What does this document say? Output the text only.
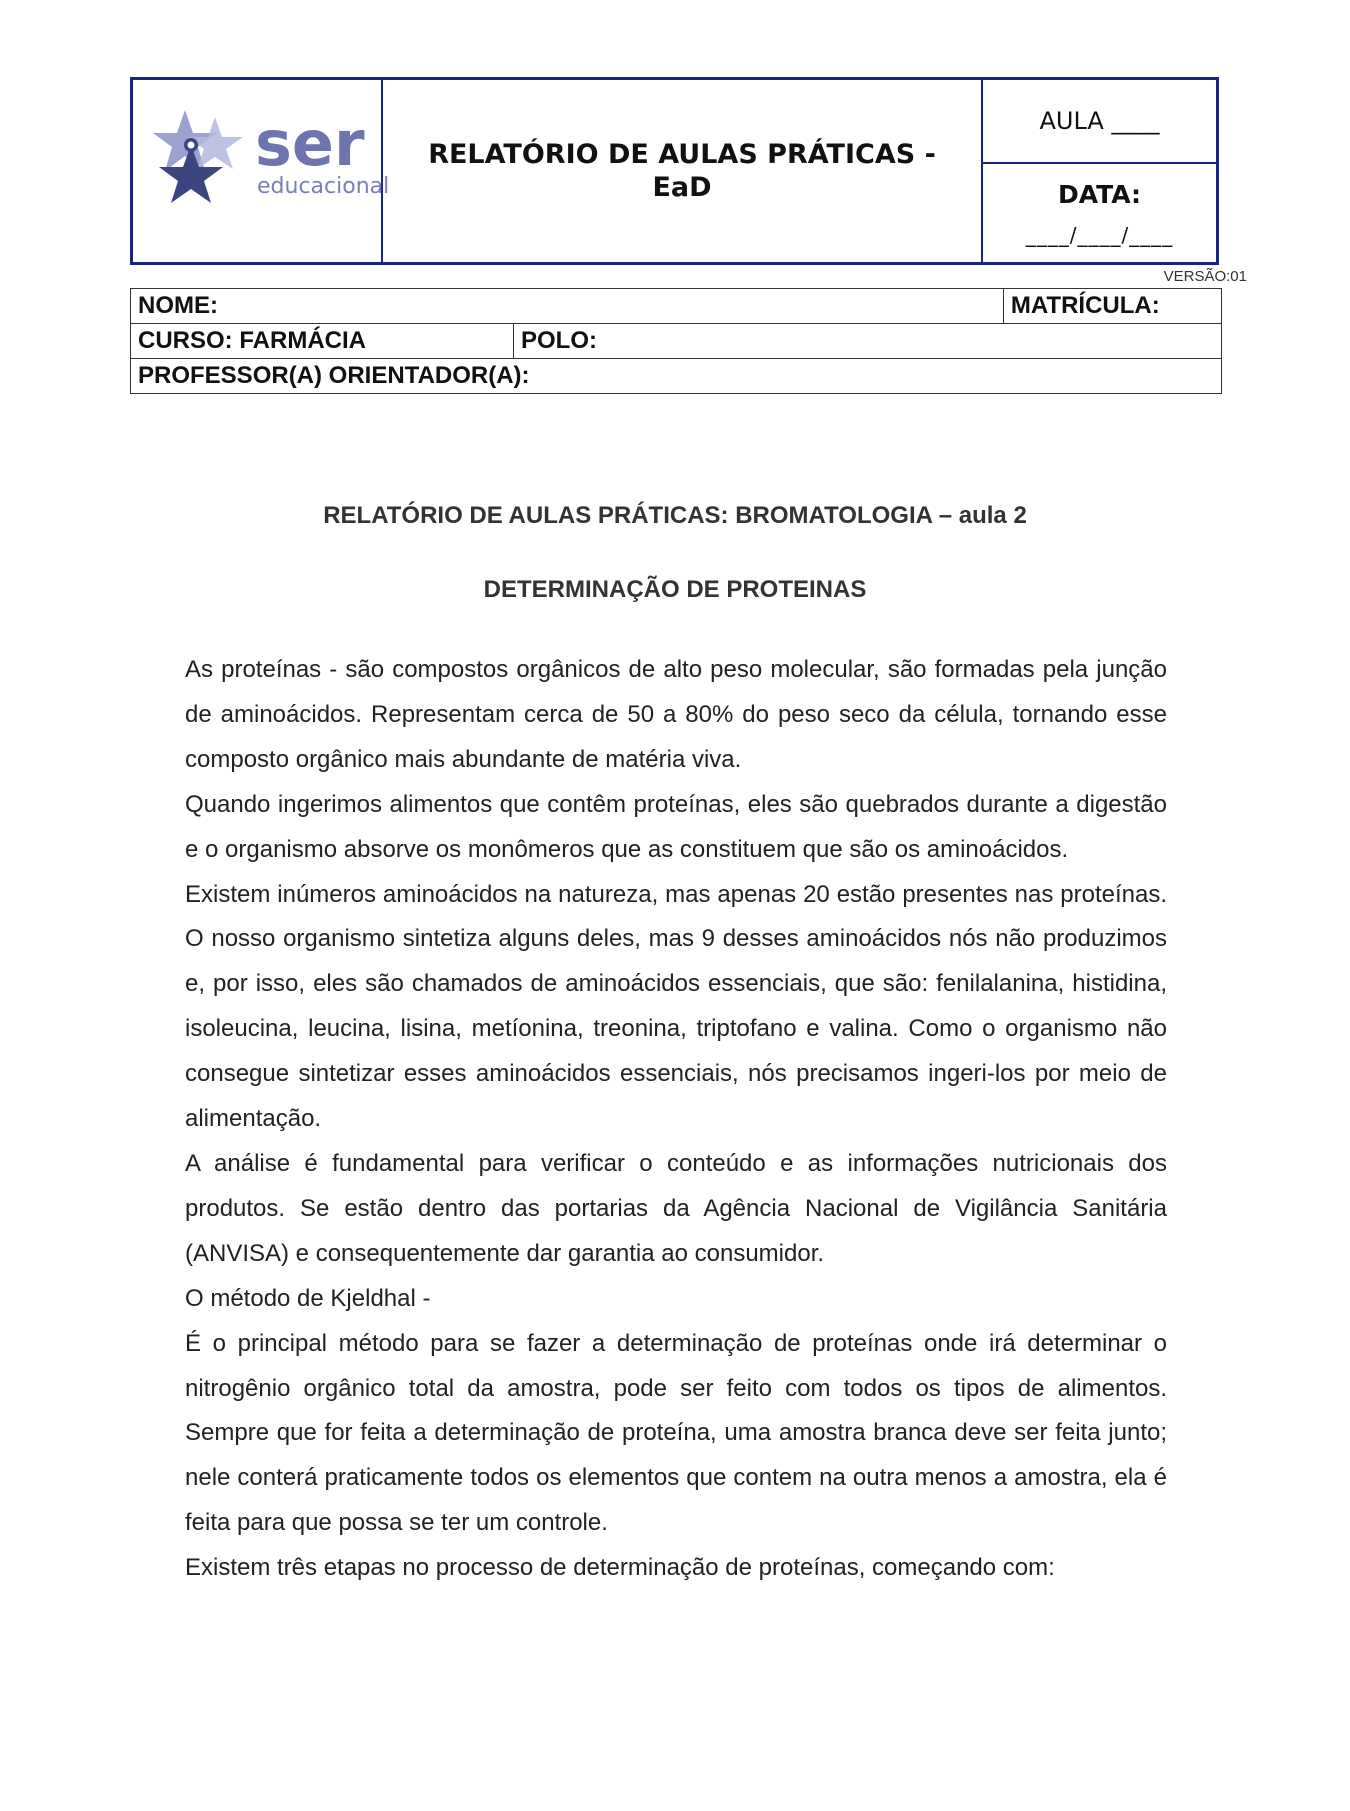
ser
educacional
RELATÓRIO DE AULAS PRÁTICAS - EaD
AULA ____
DATA:
____/____/____
VERSÃO:01
NOME:		MATRÍCULA:
CURSO: FARMÁCIA	POLO:	
PROFESSOR(A) ORIENTADOR(A):		
RELATÓRIO DE AULAS PRÁTICAS: BROMATOLOGIA – aula 2
DETERMINAÇÃO DE PROTEINAS

As proteínas - são compostos orgânicos de alto peso molecular, são formadas pela junção de aminoácidos. Representam cerca de 50 a 80% do peso seco da célula, tornando esse composto orgânico mais abundante de matéria viva.

Quando ingerimos alimentos que contêm proteínas, eles são quebrados durante a digestão e o organismo absorve os monômeros que as constituem que são os aminoácidos.

Existem inúmeros aminoácidos na natureza, mas apenas 20 estão presentes nas proteínas. O nosso organismo sintetiza alguns deles, mas 9 desses aminoácidos nós não produzimos e, por isso, eles são chamados de aminoácidos essenciais, que são: fenilalanina, histidina, isoleucina, leucina, lisina, metíonina, treonina, triptofano e valina. Como o organismo não consegue sintetizar esses aminoácidos essenciais, nós precisamos ingeri-los por meio de alimentação.

A análise é fundamental para verificar o conteúdo e as informações nutricionais dos produtos. Se estão dentro das portarias da Agência Nacional de Vigilância Sanitária (ANVISA) e consequentemente dar garantia ao consumidor.

O método de Kjeldhal -

É o principal método para se fazer a determinação de proteínas onde irá determinar o nitrogênio orgânico total da amostra, pode ser feito com todos os tipos de alimentos. Sempre que for feita a determinação de proteína, uma amostra branca deve ser feita junto; nele conterá praticamente todos os elementos que contem na outra menos a amostra, ela é feita para que possa se ter um controle.

Existem três etapas no processo de determinação de proteínas, começando com:
